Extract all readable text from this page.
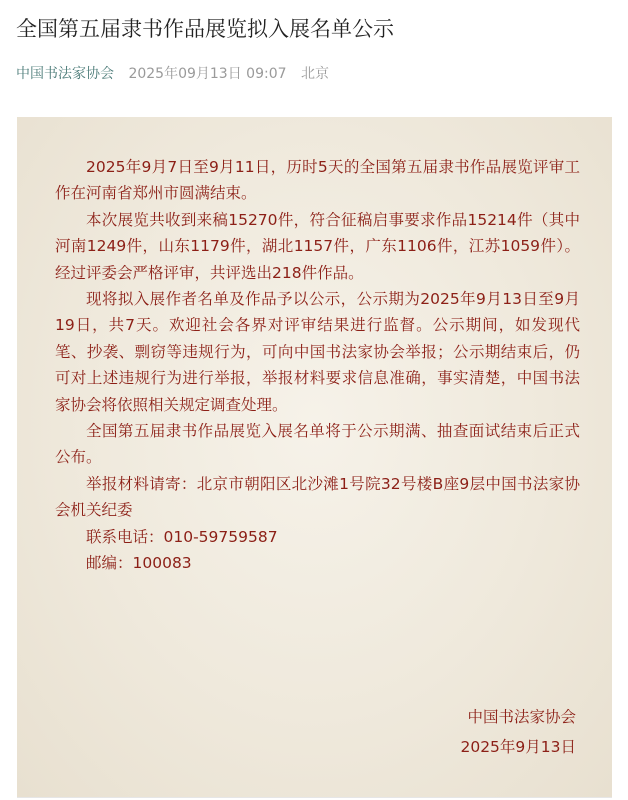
全国第五届隶书作品展览拟入展名单公示
中国书法家协会 2025年09月13日 09:07 北京

2025年9月7日至9月11日，历时5天的全国第五届隶书作品展览评审工作在河南省郑州市圆满结束。

本次展览共收到来稿15270件，符合征稿启事要求作品15214件（其中河南1249件，山东1179件，湖北1157件，广东1106件，江苏1059件）。经过评委会严格评审，共评选出218件作品。

现将拟入展作者名单及作品予以公示，公示期为2025年9月13日至9月19日，共7天。欢迎社会各界对评审结果进行监督。公示期间，如发现代笔、抄袭、剽窃等违规行为，可向中国书法家协会举报；公示期结束后，仍可对上述违规行为进行举报，举报材料要求信息准确，事实清楚，中国书法家协会将依照相关规定调查处理。

全国第五届隶书作品展览入展名单将于公示期满、抽查面试结束后正式公布。

举报材料请寄：北京市朝阳区北沙滩1号院32号楼B座9层中国书法家协会机关纪委

联系电话：010-59759587

邮编：100083

中国书法家协会
2025年9月13日
